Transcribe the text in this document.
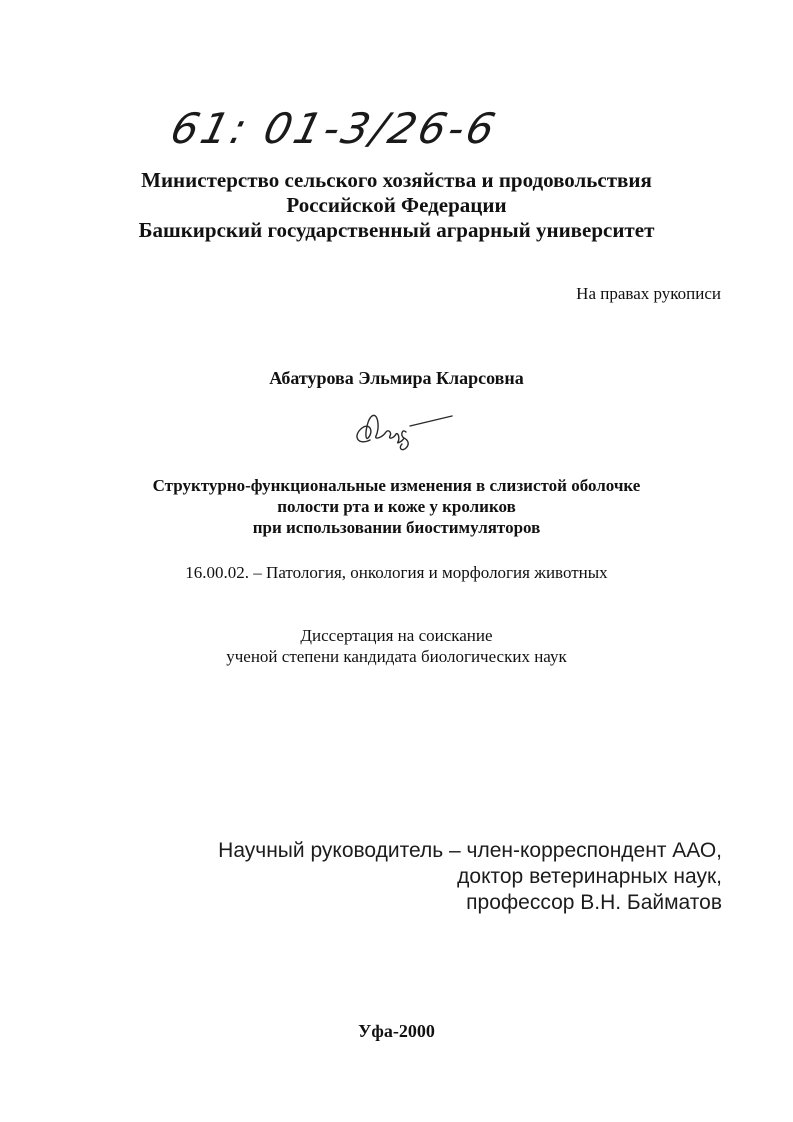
61: 01-3/26-6
Министерство сельского хозяйства и продовольствия
Российской Федерации
Башкирский государственный аграрный университет
На правах рукописи
Абатурова Эльмира Кларсовна
Структурно-функциональные изменения в слизистой оболочке
полости рта и коже у кроликов
при использовании биостимуляторов
16.00.02. – Патология, онкология и морфология животных
Диссертация на соискание
ученой степени кандидата биологических наук
Научный руководитель – член-корреспондент ААО,
доктор ветеринарных наук,
профессор В.Н. Байматов
Уфа-2000
